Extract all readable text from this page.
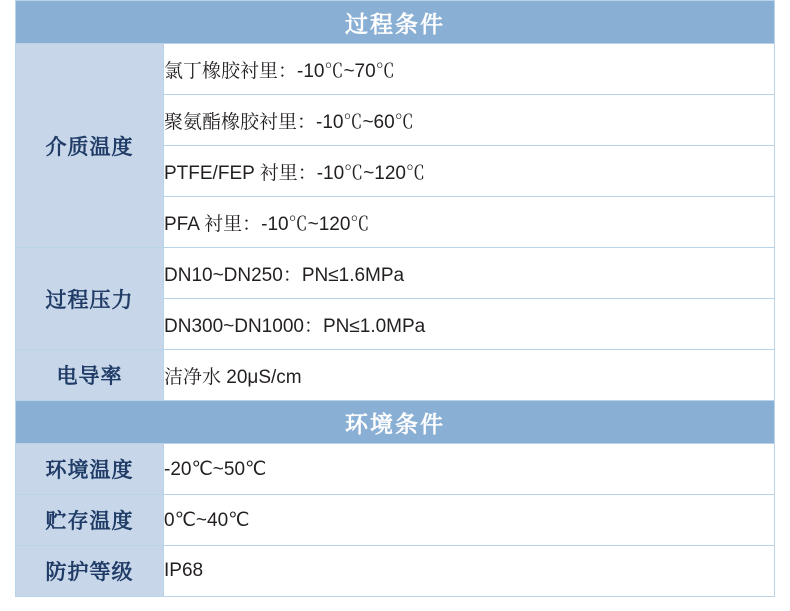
过程条件	
介质温度	氯丁橡胶衬里：-10℃~70℃
	聚氨酯橡胶衬里：-10℃~60℃
	PTFE/FEP 衬里：-10℃~120℃
	PFA 衬里：-10℃~120℃
过程压力	DN10~DN250：PN≤1.6MPa
	DN300~DN1000：PN≤1.0MPa
电导率	洁净水 20μS/cm
环境条件	
环境温度	-20℃~50℃
贮存温度	0℃~40℃
防护等级	IP68
